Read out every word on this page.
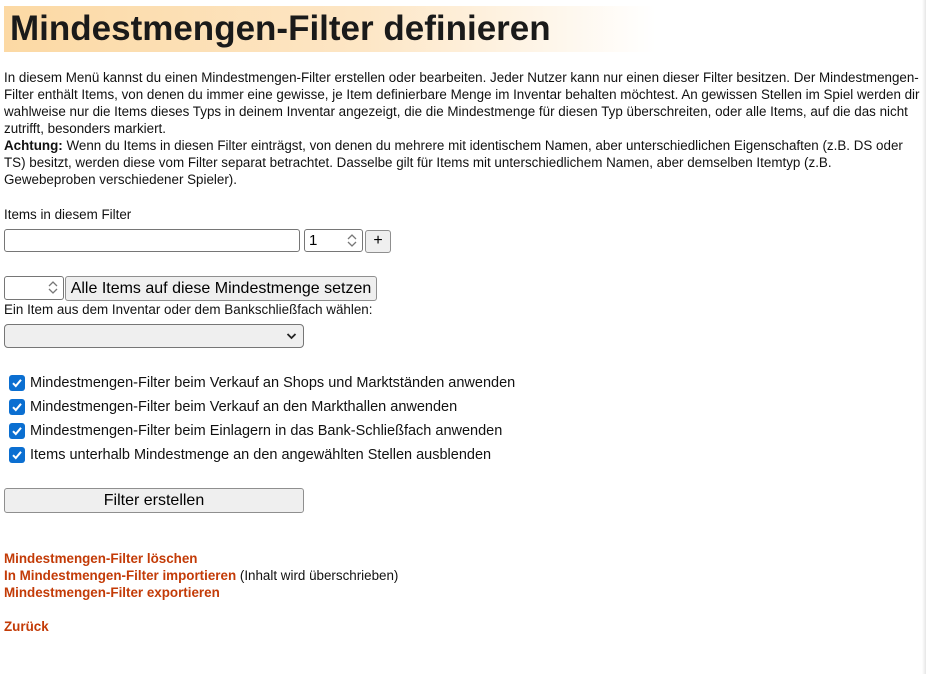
Mindestmengen-Filter definieren

In diesem Menü kannst du einen Mindestmengen-Filter erstellen oder bearbeiten. Jeder Nutzer kann nur einen dieser Filter besitzen. Der Mindestmengen-Filter enthält Items, von denen du immer eine gewisse, je Item definierbare Menge im Inventar behalten möchtest. An gewissen Stellen im Spiel werden dir wahlweise nur die Items dieses Typs in deinem Inventar angezeigt, die die Mindestmenge für diesen Typ überschreiten, oder alle Items, auf die das nicht zutrifft, besonders markiert.
Achtung: Wenn du Items in diesen Filter einträgst, von denen du mehrere mit identischem Namen, aber unterschiedlichen Eigenschaften (z.B. DS oder TS) besitzt, werden diese vom Filter separat betrachtet. Dasselbe gilt für Items mit unterschiedlichem Namen, aber demselben Itemtyp (z.B. Gewebeproben verschiedener Spieler).

Items in diesem Filter
1	+
Alle Items auf diese Mindestmenge setzen
Ein Item aus dem Inventar oder dem Bankschließfach wählen:
Mindestmengen-Filter beim Verkauf an Shops und Marktständen anwenden
Mindestmengen-Filter beim Verkauf an den Markthallen anwenden
Mindestmengen-Filter beim Einlagern in das Bank-Schließfach anwenden
Items unterhalb Mindestmenge an den angewählten Stellen ausblenden
Filter erstellen
Mindestmengen-Filter löschen
In Mindestmengen-Filter importieren (Inhalt wird überschrieben)
Mindestmengen-Filter exportieren
Zurück
